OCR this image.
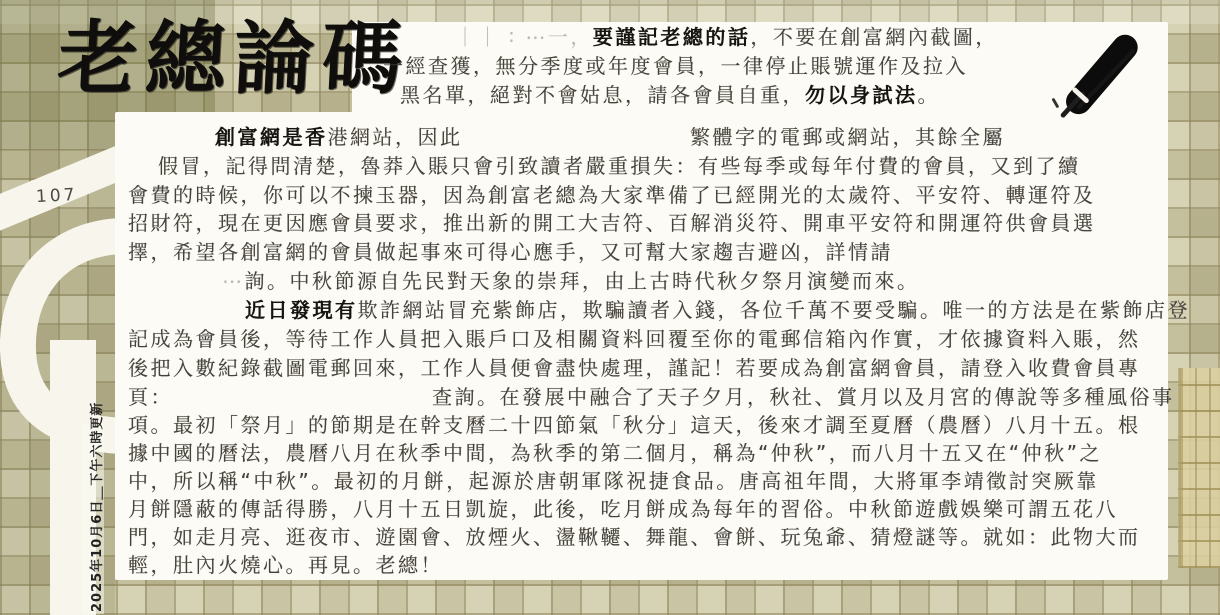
老總論碼
107
2025年10月6日＿下午六時更新
｜｜ ∶ ⋯一，要謹記老總的話，不要在創富網內截圖，
一經查獲，無分季度或年度會員，一律停止賬號運作及拉入
黑名單，絕對不會姑息，請各會員自重，勿以身試法。
創富網是香港網站，因此	繁體字的電郵或網站，其餘全屬
假冒，記得問清楚，魯莽入賬只會引致讀者嚴重損失：有些每季或每年付費的會員，又到了續
會費的時候，你可以不揀玉器，因為創富老總為大家準備了已經開光的太歲符、平安符、轉運符及
招財符，現在更因應會員要求，推出新的開工大吉符、百解消災符、開車平安符和開運符供會員選
擇，希望各創富網的會員做起事來可得心應手，又可幫大家趨吉避凶，詳情請
⋯詢。中秋節源自先民對天象的崇拜，由上古時代秋夕祭月演變而來。
近日發現有欺詐網站冒充紫飾店，欺騙讀者入錢，各位千萬不要受騙。唯一的方法是在紫飾店登
記成為會員後，等待工作人員把入賬戶口及相關資料回覆至你的電郵信箱內作實，才依據資料入賬，然
後把入數紀錄截圖電郵回來，工作人員便會盡快處理，謹記！若要成為創富網會員，請登入收費會員專
頁：	查詢。在發展中融合了天子夕月，秋社、賞月以及月宮的傳說等多種風俗事
項。最初「祭月」的節期是在幹支曆二十四節氣「秋分」這天，後來才調至夏曆（農曆）八月十五。根
據中國的曆法，農曆八月在秋季中間，為秋季的第二個月，稱為“仲秋”，而八月十五又在“仲秋”之
中，所以稱“中秋”。最初的月餅，起源於唐朝軍隊祝捷食品。唐高祖年間，大將軍李靖徵討突厥靠
月餅隱蔽的傳話得勝，八月十五日凱旋，此後，吃月餅成為每年的習俗。中秋節遊戲娛樂可謂五花八
門，如走月亮、逛夜市、遊園會、放煙火、盪鞦韆、舞龍、會餅、玩兔爺、猜燈謎等。就如：此物大而
輕，肚內火燒心。再見。老總！
